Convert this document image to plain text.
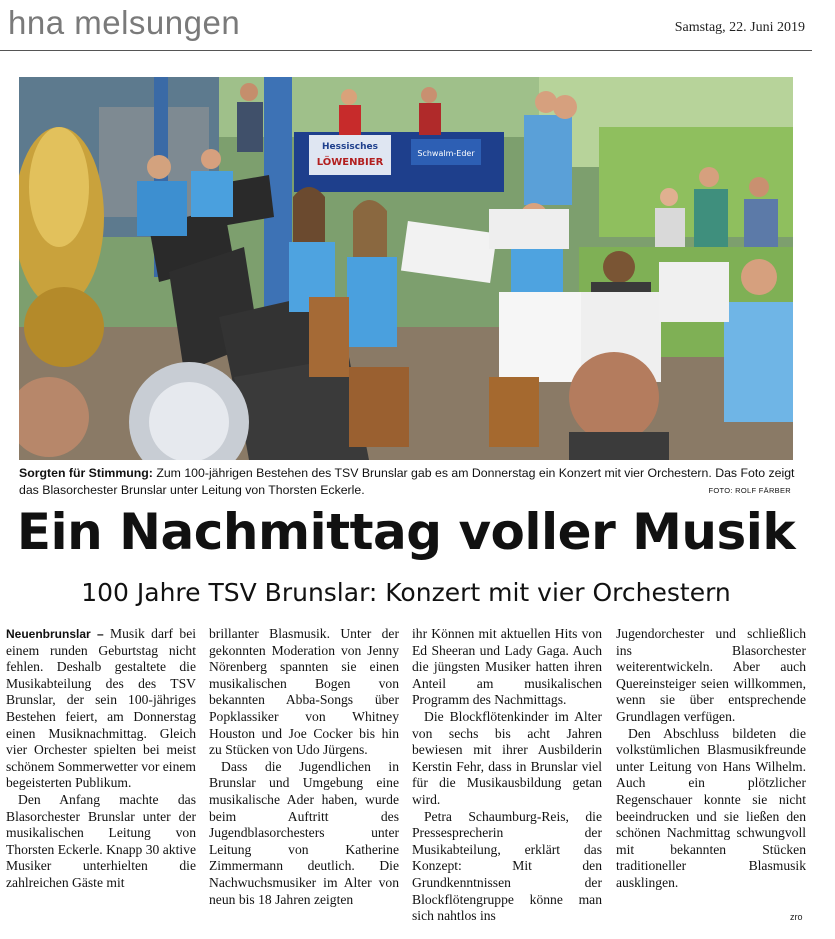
hna melsungen	Samstag, 22. Juni 2019
Hessisches
LÖWENBIER
Schwalm-Eder
Sorgten für Stimmung: Zum 100-jährigen Bestehen des TSV Brunslar gab es am Donnerstag ein Konzert mit vier Orchestern. Das Foto zeigt das Blasorchester Brunslar unter Leitung von Thorsten Eckerle.	FOTO: ROLF FÄRBER
Ein Nachmittag voller Musik
100 Jahre TSV Brunslar: Konzert mit vier Orchestern

Neuenbrunslar – Musik darf bei einem runden Geburtstag nicht fehlen. Deshalb gestaltete die Musikabteilung des des TSV Brunslar, der sein 100-jähriges Bestehen feiert, am Donnerstag einen Musiknachmittag. Gleich vier Orchester spielten bei meist schönem Sommerwetter vor einem begeisterten Publikum.

Den Anfang machte das Blasorchester Brunslar unter der musikalischen Leitung von Thorsten Eckerle. Knapp 30 aktive Musiker unterhielten die zahlreichen Gäste mit

brillanter Blasmusik. Unter der gekonnten Moderation von Jenny Nörenberg spannten sie einen musikalischen Bogen von bekannten Abba-Songs über Popklassiker von Whitney Houston und Joe Cocker bis hin zu Stücken von Udo Jürgens.

Dass die Jugendlichen in Brunslar und Umgebung eine musikalische Ader haben, wurde beim Auftritt des Jugendblasorchesters unter Leitung von Katherine Zimmermann deutlich. Die Nachwuchsmusiker im Alter von neun bis 18 Jahren zeigten

ihr Können mit aktuellen Hits von Ed Sheeran und Lady Gaga. Auch die jüngsten Musiker hatten ihren Anteil am musikalischen Programm des Nachmittags.

Die Blockflötenkinder im Alter von sechs bis acht Jahren bewiesen mit ihrer Ausbilderin Kerstin Fehr, dass in Brunslar viel für die Musikausbildung getan wird.

Petra Schaumburg-Reis, die Pressesprecherin der Musikabteilung, erklärt das Konzept: Mit den Grundkenntnissen der Blockflötengruppe könne man sich nahtlos ins

Jugendorchester und schließlich ins Blasorchester weiterentwickeln. Aber auch Quereinsteiger seien willkommen, wenn sie über entsprechende Grundlagen verfügen.

Den Abschluss bildeten die volkstümlichen Blasmusikfreunde unter Leitung von Hans Wilhelm. Auch ein plötzlicher Regenschauer konnte sie nicht beeindrucken und sie ließen den schönen Nachmittag schwungvoll mit bekannten Stücken traditioneller Blasmusik ausklingen.

zro
